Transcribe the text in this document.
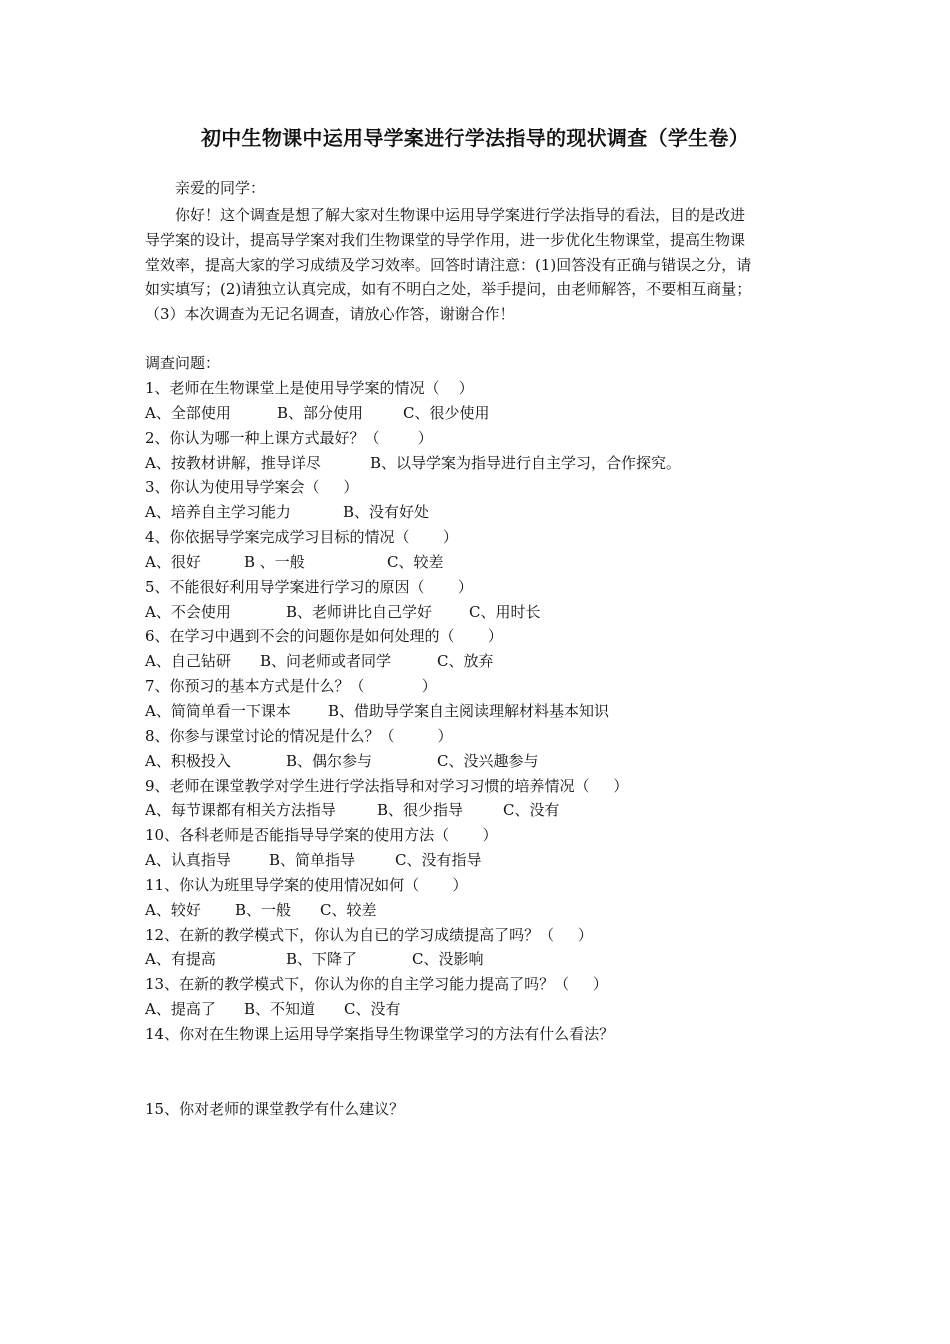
初中生物课中运用导学案进行学法指导的现状调查（学生卷）
亲爱的同学：
你好！这个调查是想了解大家对生物课中运用导学案进行学法指导的看法，目的是改进
导学案的设计，提高导学案对我们生物课堂的导学作用，进一步优化生物课堂，提高生物课
堂效率，提高大家的学习成绩及学习效率。回答时请注意：(1)回答没有正确与错误之分，请
如实填写；(2)请独立认真完成，如有不明白之处，举手提问，由老师解答，不要相互商量；
（3）本次调查为无记名调查，请放心作答，谢谢合作！
调查问题：
1、老师在生物课堂上是使用导学案的情况（    ）
A、全部使用	B、部分使用	C、很少使用
2、你认为哪一种上课方式最好？（        ）
A、按教材讲解，推导详尽	B、以导学案为指导进行自主学习，合作探究。
3、你认为使用导学案会（     ）
A、培养自主学习能力	B、没有好处
4、你依据导学案完成学习目标的情况（       ）
A、很好	B 、一般	C、较差
5、不能很好利用导学案进行学习的原因（       ）
A、不会使用	B、老师讲比自己学好 C、用时长
6、在学习中遇到不会的问题你是如何处理的（       ）
A、自己钻研 B、问老师或者同学	C、放弃
7、你预习的基本方式是什么？（            ）
A、简简单看一下课本 B、借助导学案自主阅读理解材料基本知识
8、你参与课堂讨论的情况是什么？（         ）
A、积极投入	B、偶尔参与	C、没兴趣参与
9、老师在课堂教学对学生进行学法指导和对学习习惯的培养情况（     ）
A、每节课都有相关方法指导	B、很少指导	C、没有
10、各科老师是否能指导导学案的使用方法（       ）
A、认真指导	B、简单指导	C、没有指导
11、你认为班里导学案的使用情况如何（       ）
A、较好 B、一般 C、较差
12、在新的教学模式下，你认为自已的学习成绩提高了吗？（     ）
A、有提高	B、下降了	C、没影响
13、在新的教学模式下，你认为你的自主学习能力提高了吗？（     ）
A、提高了 B、不知道 C、没有
14、你对在生物课上运用导学案指导生物课堂学习的方法有什么看法？
15、你对老师的课堂教学有什么建议？
